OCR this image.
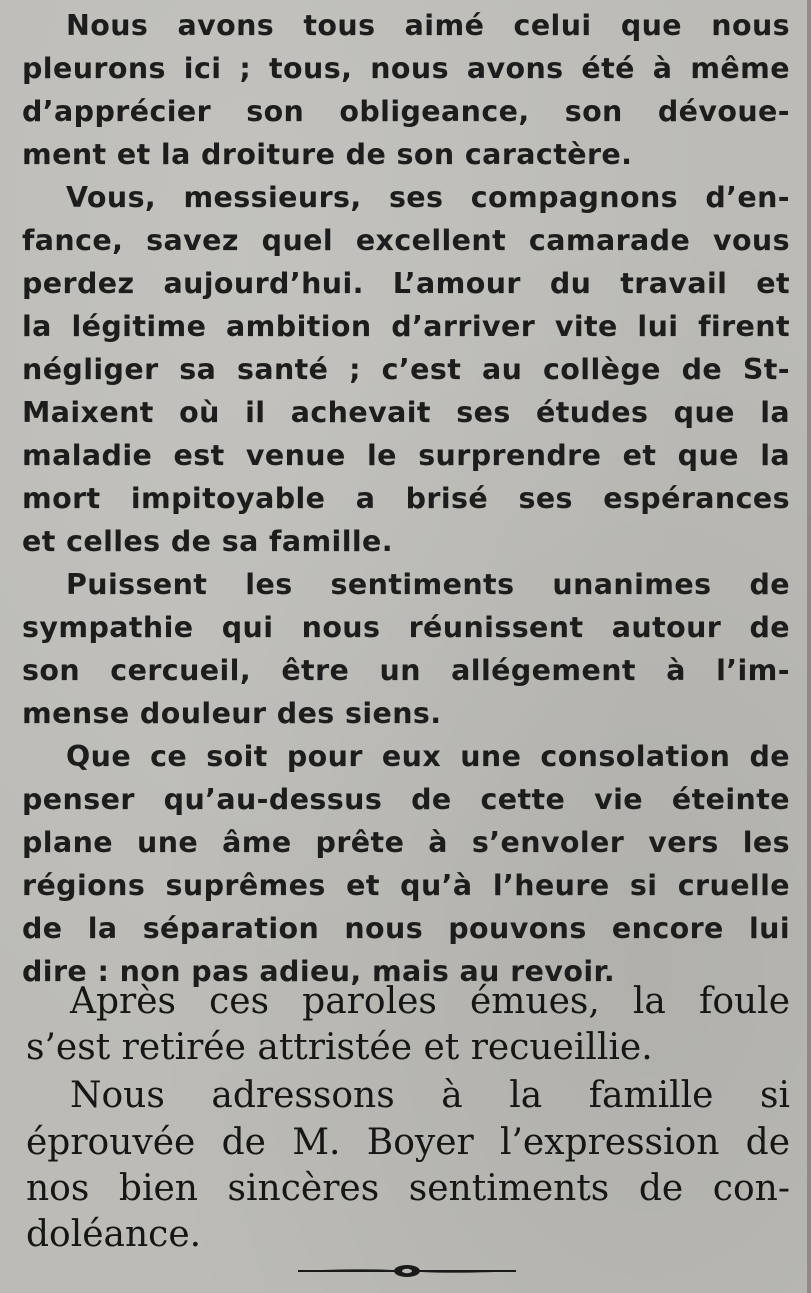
Nous avons tous aimé celui que nous
pleurons ici ; tous, nous avons été à même
d’apprécier son obligeance, son dévoue-
ment et la droiture de son caractère.
Vous, messieurs, ses compagnons d’en-
fance, savez quel excellent camarade vous
perdez aujourd’hui. L’amour du travail et
la légitime ambition d’arriver vite lui firent
négliger sa santé ; c’est au collège de St-
Maixent où il achevait ses études que la
maladie est venue le surprendre et que la
mort impitoyable a brisé ses espérances
et celles de sa famille.
Puissent les sentiments unanimes de
sympathie qui nous réunissent autour de
son cercueil, être un allégement à l’im-
mense douleur des siens.
Que ce soit pour eux une consolation de
penser qu’au-dessus de cette vie éteinte
plane une âme prête à s’envoler vers les
régions suprêmes et qu’à l’heure si cruelle
de la séparation nous pouvons encore lui
dire : non pas adieu, mais au revoir.
Après ces paroles émues, la foule
s’est retirée attristée et recueillie.
Nous adressons à la famille si
éprouvée de M. Boyer l’expression de
nos bien sincères sentiments de con-
doléance.
